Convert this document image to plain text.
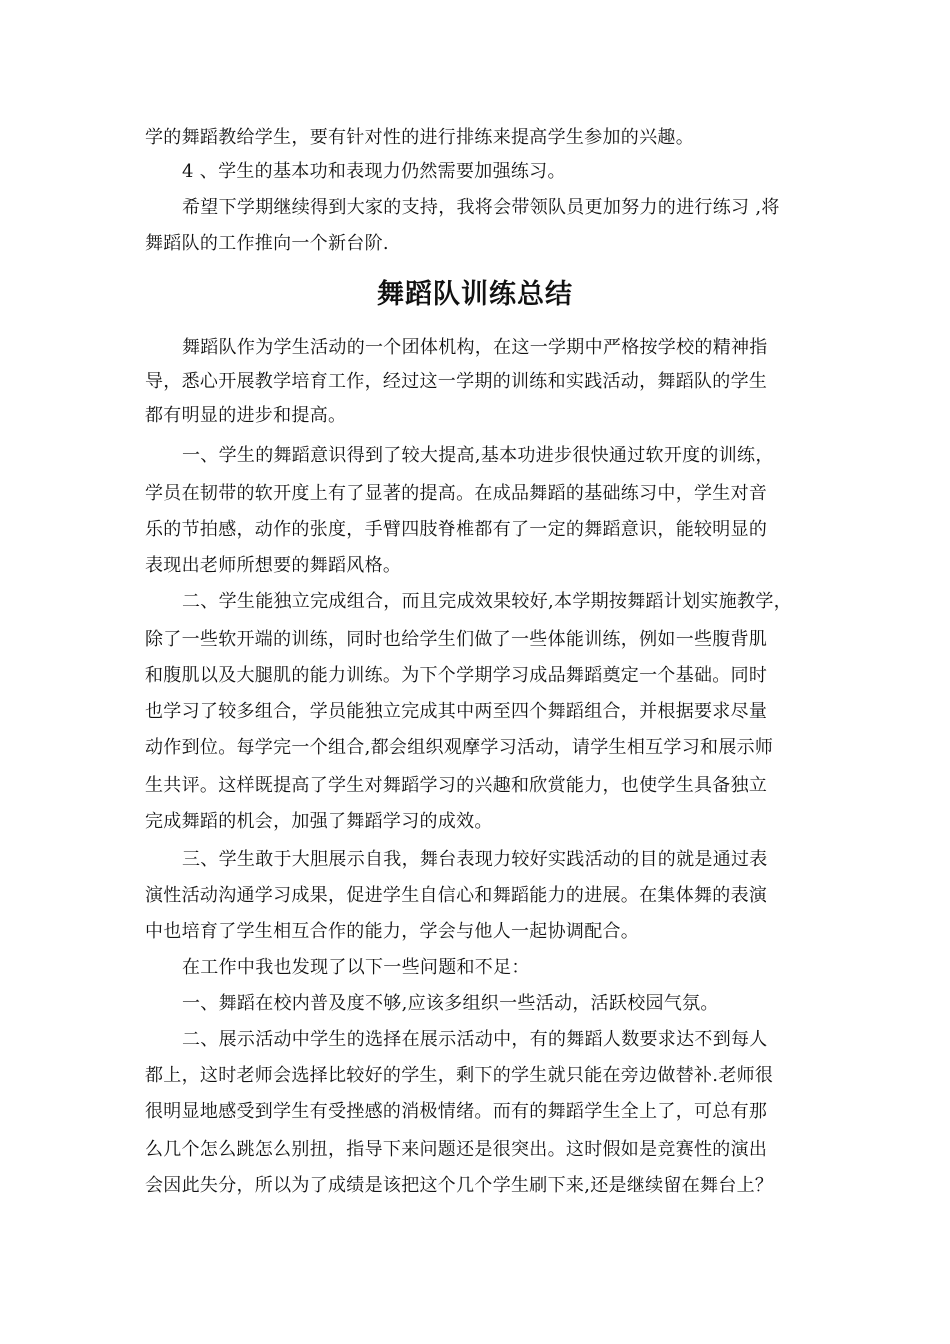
学的舞蹈教给学生，要有针对性的进行排练来提高学生参加的兴趣。
4 、学生的基本功和表现力仍然需要加强练习。
希望下学期继续得到大家的支持，我将会带领队员更加努力的进行练习 ,将
舞蹈队的工作推向一个新台阶.
舞蹈队训练总结
舞蹈队作为学生活动的一个团体机构，在这一学期中严格按学校的精神指
导，悉心开展教学培育工作，经过这一学期的训练和实践活动，舞蹈队的学生
都有明显的进步和提高。
一、学生的舞蹈意识得到了较大提高,基本功进步很快通过软开度的训练，
学员在韧带的软开度上有了显著的提高。在成品舞蹈的基础练习中，学生对音
乐的节拍感，动作的张度，手臂四肢脊椎都有了一定的舞蹈意识，能较明显的
表现出老师所想要的舞蹈风格。
二、学生能独立完成组合，而且完成效果较好,本学期按舞蹈计划实施教学，
除了一些软开端的训练，同时也给学生们做了一些体能训练，例如一些腹背肌
和腹肌以及大腿肌的能力训练。为下个学期学习成品舞蹈奠定一个基础。同时
也学习了较多组合，学员能独立完成其中两至四个舞蹈组合，并根据要求尽量
动作到位。每学完一个组合,都会组织观摩学习活动，请学生相互学习和展示师
生共评。这样既提高了学生对舞蹈学习的兴趣和欣赏能力，也使学生具备独立
完成舞蹈的机会，加强了舞蹈学习的成效。
三、学生敢于大胆展示自我，舞台表现力较好实践活动的目的就是通过表
演性活动沟通学习成果，促进学生自信心和舞蹈能力的进展。在集体舞的表演
中也培育了学生相互合作的能力，学会与他人一起协调配合。
在工作中我也发现了以下一些问题和不足：
一、舞蹈在校内普及度不够,应该多组织一些活动，活跃校园气氛。
二、展示活动中学生的选择在展示活动中，有的舞蹈人数要求达不到每人
都上，这时老师会选择比较好的学生，剩下的学生就只能在旁边做替补.老师很
很明显地感受到学生有受挫感的消极情绪。而有的舞蹈学生全上了，可总有那
么几个怎么跳怎么别扭，指导下来问题还是很突出。这时假如是竞赛性的演出
会因此失分，所以为了成绩是该把这个几个学生刷下来,还是继续留在舞台上？
